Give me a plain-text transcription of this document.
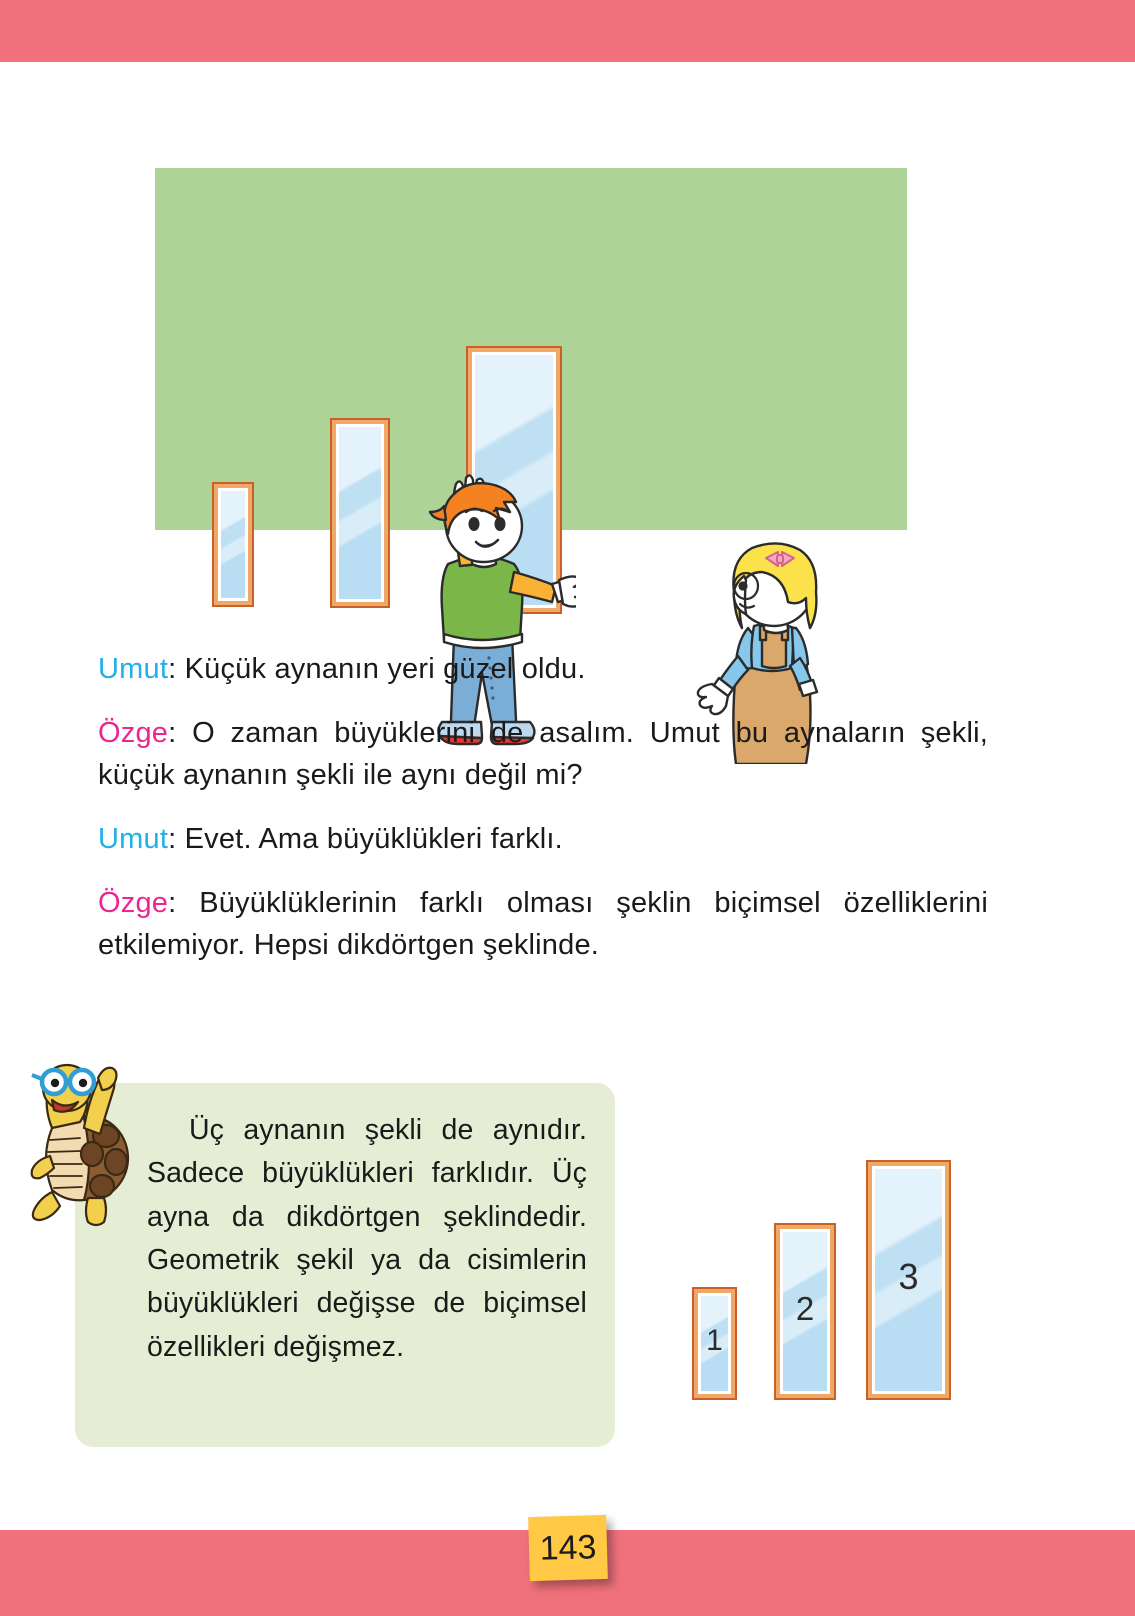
Umut: Küçük aynanın yeri güzel oldu.

Özge: O zaman büyüklerini de asalım. Umut bu aynaların şekli, küçük aynanın şekli ile aynı değil mi?

Umut: Evet. Ama büyüklükleri farklı.

Özge: Büyüklüklerinin farklı olması şeklin biçimsel özelliklerini etkilemiyor. Hepsi dikdörtgen şeklinde.

Üç aynanın şekli de aynıdır. Sadece büyüklükleri farklıdır. Üç ayna da dikdörtgen şeklindedir. Geometrik şekil ya da cisimlerin büyüklükleri değişse de biçimsel özellikleri değişmez.	1
2
3
143
